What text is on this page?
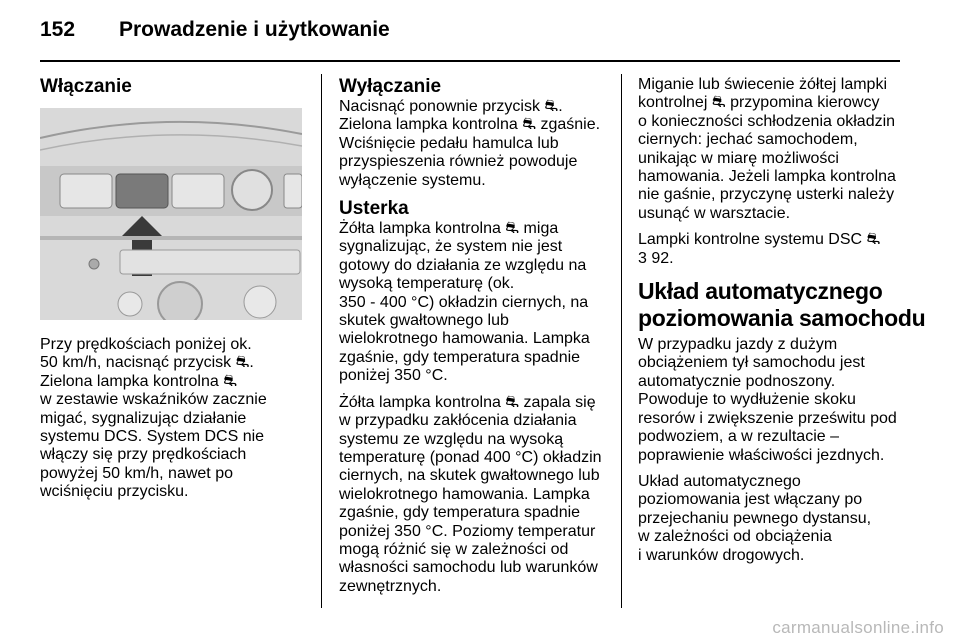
152 Prowadzenie i użytkowanie
Włączanie

Przy prędkościach poniżej ok.
50 km/h, nacisnąć przycisk ⛐.
Zielona lampka kontrolna ⛐
w zestawie wskaźników zacznie
migać, sygnalizując działanie
systemu DCS. System DCS nie
włączy się przy prędkościach
powyżej 50 km/h, nawet po
wciśnięciu przycisku.

Wyłączanie

Nacisnąć ponownie przycisk ⛐.
Zielona lampka kontrolna ⛐ zgaśnie.
Wciśnięcie pedału hamulca lub
przyspieszenia również powoduje
wyłączenie systemu.

Usterka

Żółta lampka kontrolna ⛐ miga
sygnalizując, że system nie jest
gotowy do działania ze względu na
wysoką temperaturę (ok.
350 - 400 °C) okładzin ciernych, na
skutek gwałtownego lub
wielokrotnego hamowania. Lampka
zgaśnie, gdy temperatura spadnie
poniżej 350 °C.

Żółta lampka kontrolna ⛐ zapala się
w przypadku zakłócenia działania
systemu ze względu na wysoką
temperaturę (ponad 400 °C) okładzin
ciernych, na skutek gwałtownego lub
wielokrotnego hamowania. Lampka
zgaśnie, gdy temperatura spadnie
poniżej 350 °C. Poziomy temperatur
mogą różnić się w zależności od
własności samochodu lub warunków
zewnętrznych.

Miganie lub świecenie żółtej lampki
kontrolnej ⛐ przypomina kierowcy
o konieczności schłodzenia okładzin
ciernych: jechać samochodem,
unikając w miarę możliwości
hamowania. Jeżeli lampka kontrolna
nie gaśnie, przyczynę usterki należy
usunąć w warsztacie.

Lampki kontrolne systemu DSC ⛐
3 92.

Układ automatycznego
poziomowania samochodu

W przypadku jazdy z dużym
obciążeniem tył samochodu jest
automatycznie podnoszony.
Powoduje to wydłużenie skoku
resorów i zwiększenie prześwitu pod
podwoziem, a w rezultacie –
poprawienie właściwości jezdnych.

Układ automatycznego
poziomowania jest włączany po
przejechaniu pewnego dystansu,
w zależności od obciążenia
i warunków drogowych.

carmanualsonline.info
